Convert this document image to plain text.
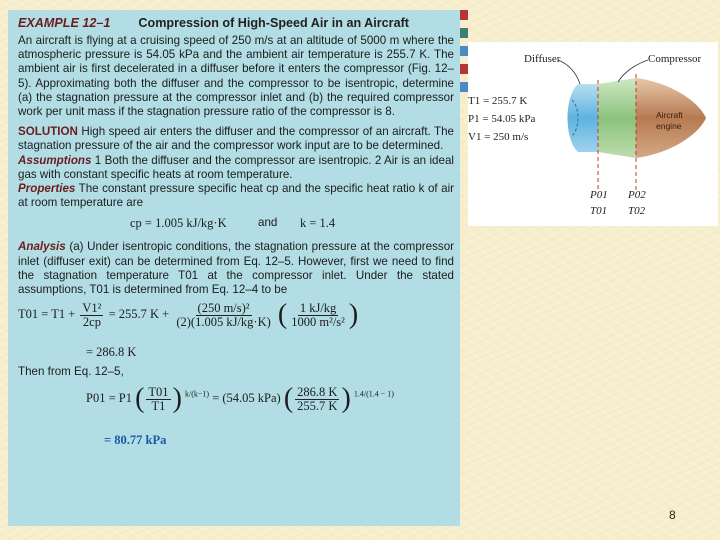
EXAMPLE 12–1 Compression of High-Speed Air in an Aircraft

An aircraft is flying at a cruising speed of 250 m/s at an altitude of 5000 m where the atmospheric pressure is 54.05 kPa and the ambient air temperature is 255.7 K. The ambient air is first decelerated in a diffuser before it enters the compressor (Fig. 12–5). Approximating both the diffuser and the compressor to be isentropic, determine (a) the stagnation pressure at the compressor inlet and (b) the required compressor work per unit mass if the stagnation pressure ratio of the compressor is 8.

SOLUTION High speed air enters the diffuser and the compressor of an aircraft. The stagnation pressure of the air and the compressor work input are to be determined.

Assumptions 1 Both the diffuser and the compressor are isentropic. 2 Air is an ideal gas with constant specific heats at room temperature.

Properties The constant pressure specific heat cp and the specific heat ratio k of air at room temperature are

cp = 1.005 kJ/kg·K	and k = 1.4

Analysis (a) Under isentropic conditions, the stagnation pressure at the compressor inlet (diffuser exit) can be determined from Eq. 12–5. However, first we need to find the stagnation temperature T01 at the compressor inlet. Under the stated assumptions, T01 is determined from Eq. 12–4 to be

$T01 = T1 + \frac{\text{V1²}}{2cp} = 255.7$ $K + \frac{\text{(250 m/s)²}}{(2)(1.005 kJ/kg\cdot K)}$ ( $\frac{1 kJ/kg}{\text{1000 m²/s²}}$ )
= 286.8 K

Then from Eq. 12–5,

P01 = P1 ( $\frac{T01}{T1}$ ) $^{k/(k-1)}$ = (54.05 kPa) ( $\frac{286.8 K}{255.7 K}$ ) $^{1.4/(1.4 - 1)}$
= 80.77 kPa
Diffuser	Compressor
Aircraft
engine
T1 = 255.7 K
P1 = 54.05 kPa
V1 = 250 m/s
P01
T01
P02
T02
8
